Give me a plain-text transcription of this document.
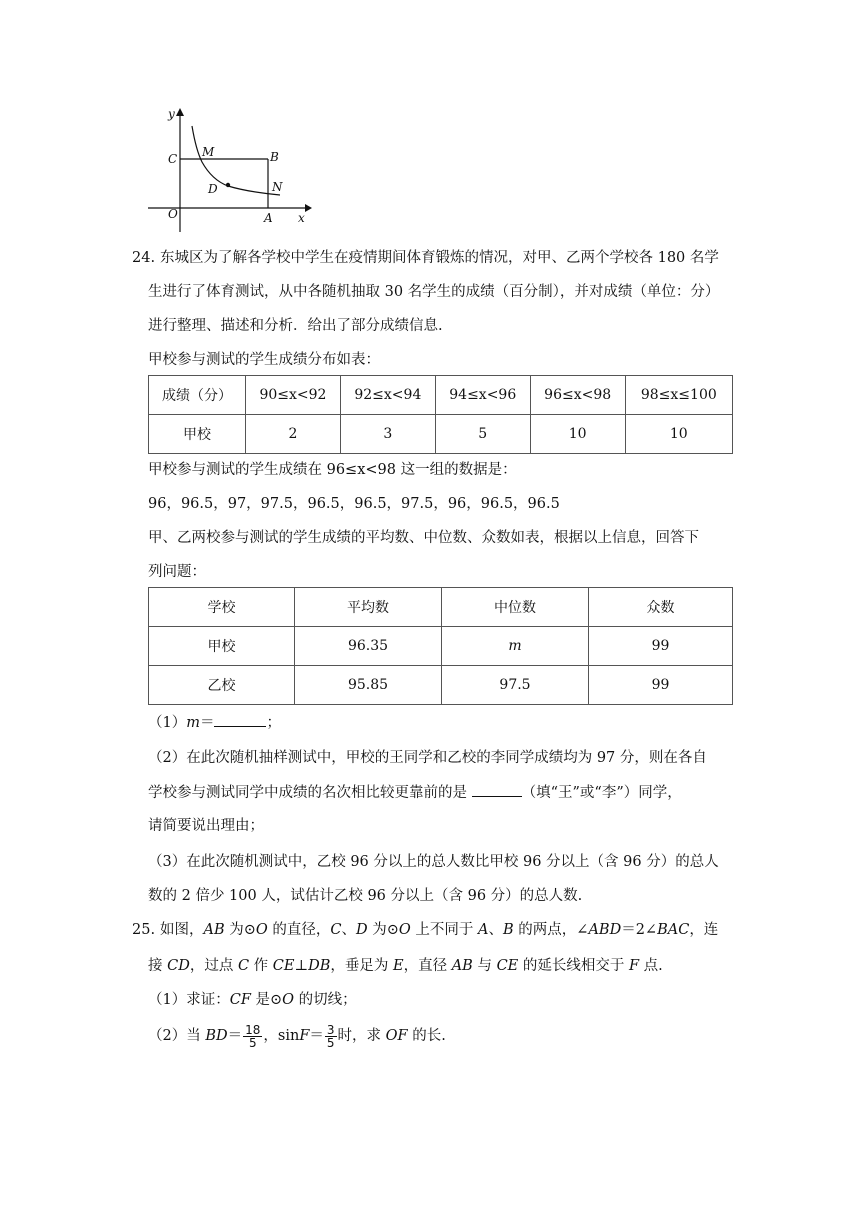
y
x
O
C M	B
D	N
A
24. 东城区为了解各学校中学生在疫情期间体育锻炼的情况，对甲、乙两个学校各 180 名学
生进行了体育测试，从中各随机抽取 30 名学生的成绩（百分制），并对成绩（单位：分）
进行整理、描述和分析．给出了部分成绩信息.
甲校参与测试的学生成绩分布如表：
成绩（分）	90≤x<92	92≤x<94	94≤x<96	96≤x<98	98≤x≤100
甲校	2	3	5	10	10
甲校参与测试的学生成绩在 96≤x<98 这一组的数据是：
96，96.5，97，97.5，96.5，96.5，97.5，96，96.5，96.5
甲、乙两校参与测试的学生成绩的平均数、中位数、众数如表，根据以上信息，回答下
列问题：
学校	平均数	中位数	众数
甲校	96.35	m	99
乙校	95.85	97.5	99
（1）m＝	；
（2）在此次随机抽样测试中，甲校的王同学和乙校的李同学成绩均为 97 分，则在各自
学校参与测试同学中成绩的名次相比较更靠前的是	（填“王”或“李”）同学，
请简要说出理由；
（3）在此次随机测试中，乙校 96 分以上的总人数比甲校 96 分以上（含 96 分）的总人
数的 2 倍少 100 人，试估计乙校 96 分以上（含 96 分）的总人数.
25. 如图，AB 为⊙O 的直径，C、D 为⊙O 上不同于 A、B 的两点，∠ABD＝2∠BAC，连
接 CD，过点 C 作 CE⊥DB，垂足为 E，直径 AB 与 CE 的延长线相交于 F 点.
（1）求证：CF 是⊙O 的切线；
（2）当 $BD= \frac{18}{5}$ ，$\sin F= \frac{3}{5}$ 时，求 OF 的长.
